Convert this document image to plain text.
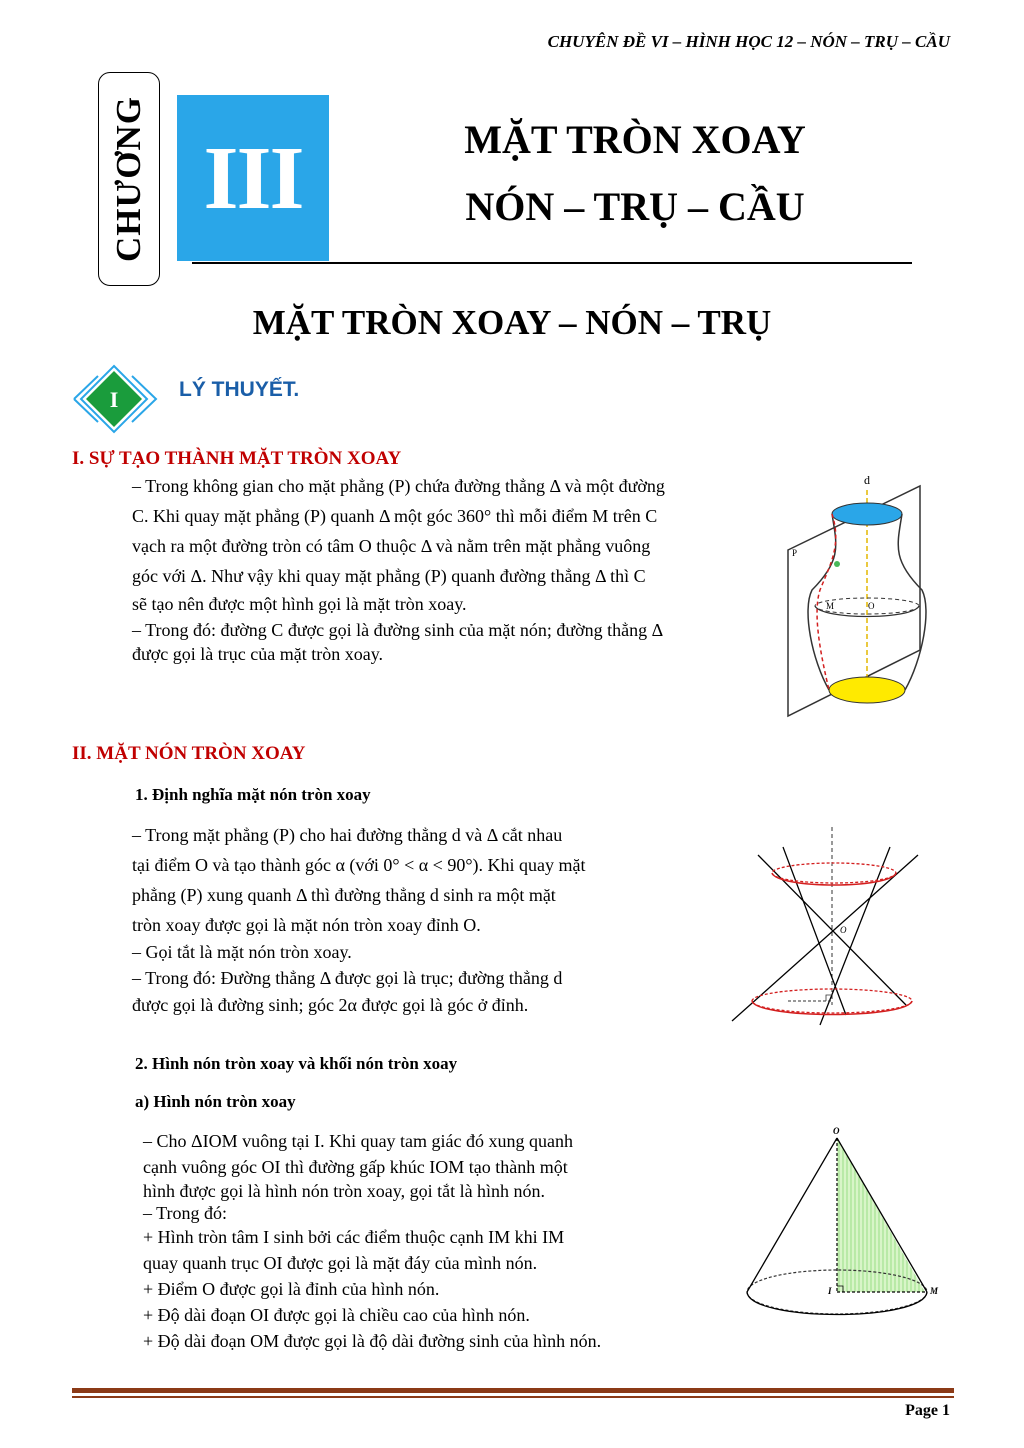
CHUYÊN ĐỀ VI – HÌNH HỌC 12 – NÓN – TRỤ – CẦU
CHƯƠNG III	MẶT TRÒN XOAY
NÓN – TRỤ – CẦU
MẶT TRÒN XOAY – NÓN – TRỤ
I	LÝ THUYẾT.
I. SỰ TẠO THÀNH MẶT TRÒN XOAY
– Trong không gian cho mặt phẳng (P) chứa đường thẳng Δ và một đường
C. Khi quay mặt phẳng (P) quanh Δ một góc 360° thì mỗi điểm M trên C
vạch ra một đường tròn có tâm O thuộc Δ và nằm trên mặt phẳng vuông
góc với Δ. Như vậy khi quay mặt phẳng (P) quanh đường thẳng Δ thì C
sẽ tạo nên được một hình gọi là mặt tròn xoay.
– Trong đó: đường C được gọi là đường sinh của mặt nón; đường thẳng Δ
được gọi là trục của mặt tròn xoay.
d
P
M	O
II. MẶT NÓN TRÒN XOAY
1. Định nghĩa mặt nón tròn xoay
– Trong mặt phẳng (P) cho hai đường thẳng d và Δ cắt nhau
tại điểm O và tạo thành góc α (với 0° < α < 90°). Khi quay mặt
phẳng (P) xung quanh Δ thì đường thẳng d sinh ra một mặt
tròn xoay được gọi là mặt nón tròn xoay đỉnh O.
– Gọi tắt là mặt nón tròn xoay.
– Trong đó: Đường thẳng Δ được gọi là trục; đường thẳng d
được gọi là đường sinh; góc 2α được gọi là góc ở đỉnh.
O
2. Hình nón tròn xoay và khối nón tròn xoay
a) Hình nón tròn xoay
– Cho ΔIOM vuông tại I. Khi quay tam giác đó xung quanh
cạnh vuông góc OI thì đường gấp khúc IOM tạo thành một
hình được gọi là hình nón tròn xoay, gọi tắt là hình nón.
– Trong đó:
+ Hình tròn tâm I sinh bởi các điểm thuộc cạnh IM khi IM
quay quanh trục OI được gọi là mặt đáy của mình nón.
+ Điểm O được gọi là đỉnh của hình nón.
+ Độ dài đoạn OI được gọi là chiều cao của hình nón.
+ Độ dài đoạn OM được gọi là độ dài đường sinh của hình nón.
O
I	M
Page 1
